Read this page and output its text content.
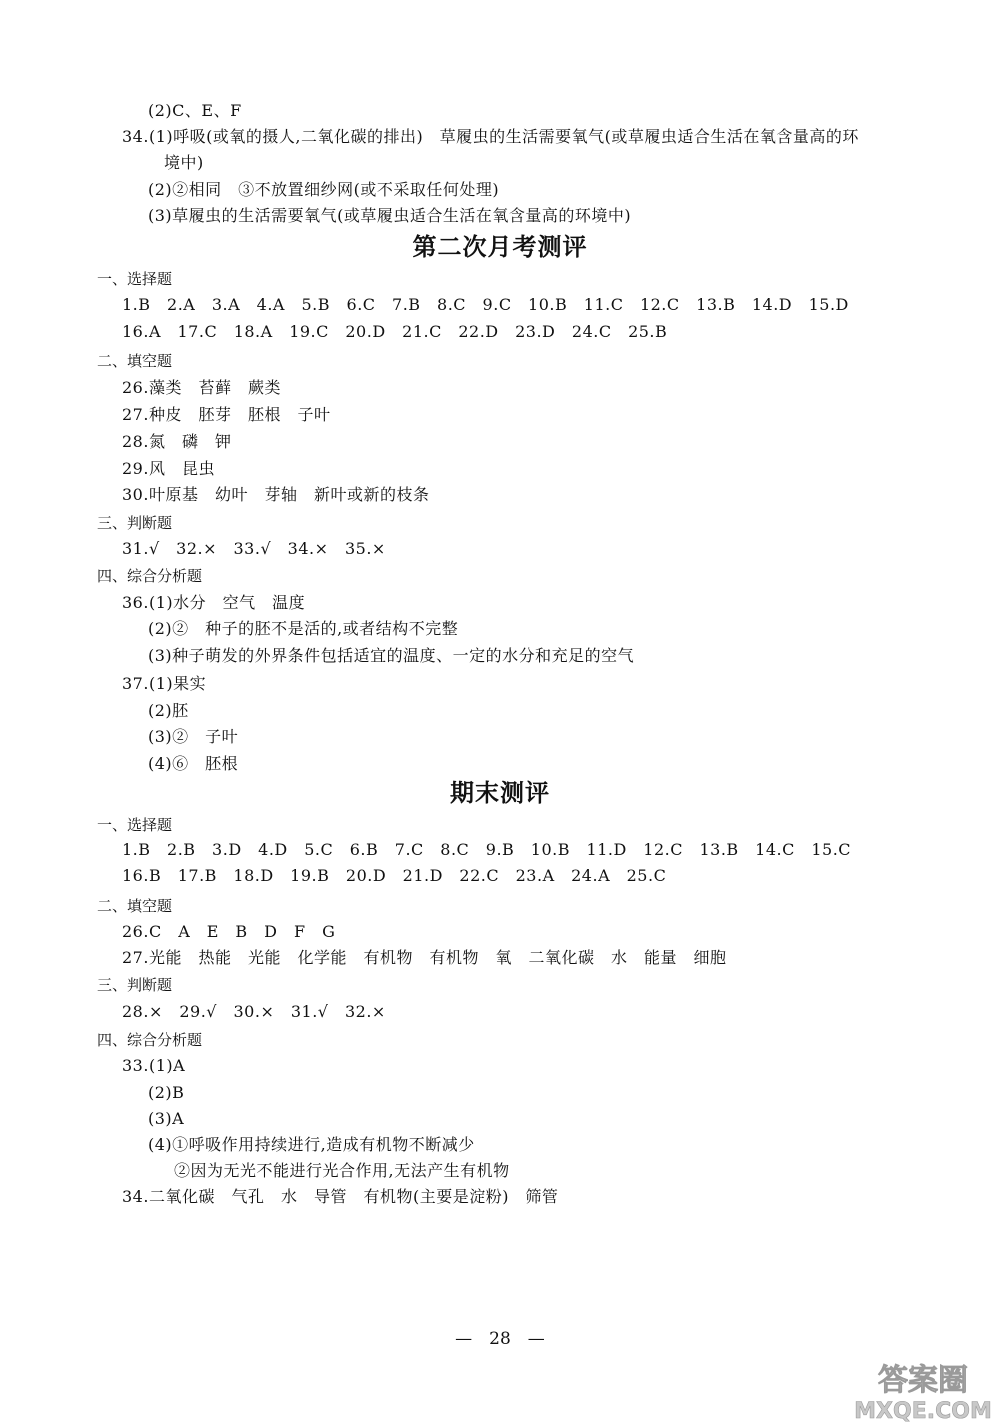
(2)C、E、F
34.(1)呼吸(或氧的摄人,二氧化碳的排出)　草履虫的生活需要氧气(或草履虫适合生活在氧含量高的环
境中)
(2)②相同　③不放置细纱网(或不采取任何处理)
(3)草履虫的生活需要氧气(或草履虫适合生活在氧含量高的环境中)
第二次月考测评
一、选择题
1.B　2.A　3.A　4.A　5.B　6.C　7.B　8.C　9.C　10.B　11.C　12.C　13.B　14.D　15.D
16.A　17.C　18.A　19.C　20.D　21.C　22.D　23.D　24.C　25.B
二、填空题
26.藻类　苔藓　蕨类
27.种皮　胚芽　胚根　子叶
28.氮　磷　钾
29.风　昆虫
30.叶原基　幼叶　芽轴　新叶或新的枝条
三、判断题
31.√　32.×　33.√　34.×　35.×
四、综合分析题
36.(1)水分　空气　温度
(2)②　种子的胚不是活的,或者结构不完整
(3)种子萌发的外界条件包括适宜的温度、一定的水分和充足的空气
37.(1)果实
(2)胚
(3)②　子叶
(4)⑥　胚根
期末测评
一、选择题
1.B　2.B　3.D　4.D　5.C　6.B　7.C　8.C　9.B　10.B　11.D　12.C　13.B　14.C　15.C
16.B　17.B　18.D　19.B　20.D　21.D　22.C　23.A　24.A　25.C
二、填空题
26.C　A　E　B　D　F　G
27.光能　热能　光能　化学能　有机物　有机物　氧　二氧化碳　水　能量　细胞
三、判断题
28.×　29.√　30.×　31.√　32.×
四、综合分析题
33.(1)A
(2)B
(3)A
(4)①呼吸作用持续进行,造成有机物不断减少
②因为无光不能进行光合作用,无法产生有机物
34.二氧化碳　气孔　水　导管　有机物(主要是淀粉)　筛管
—　28　—
答案圈
MXQE.COM
